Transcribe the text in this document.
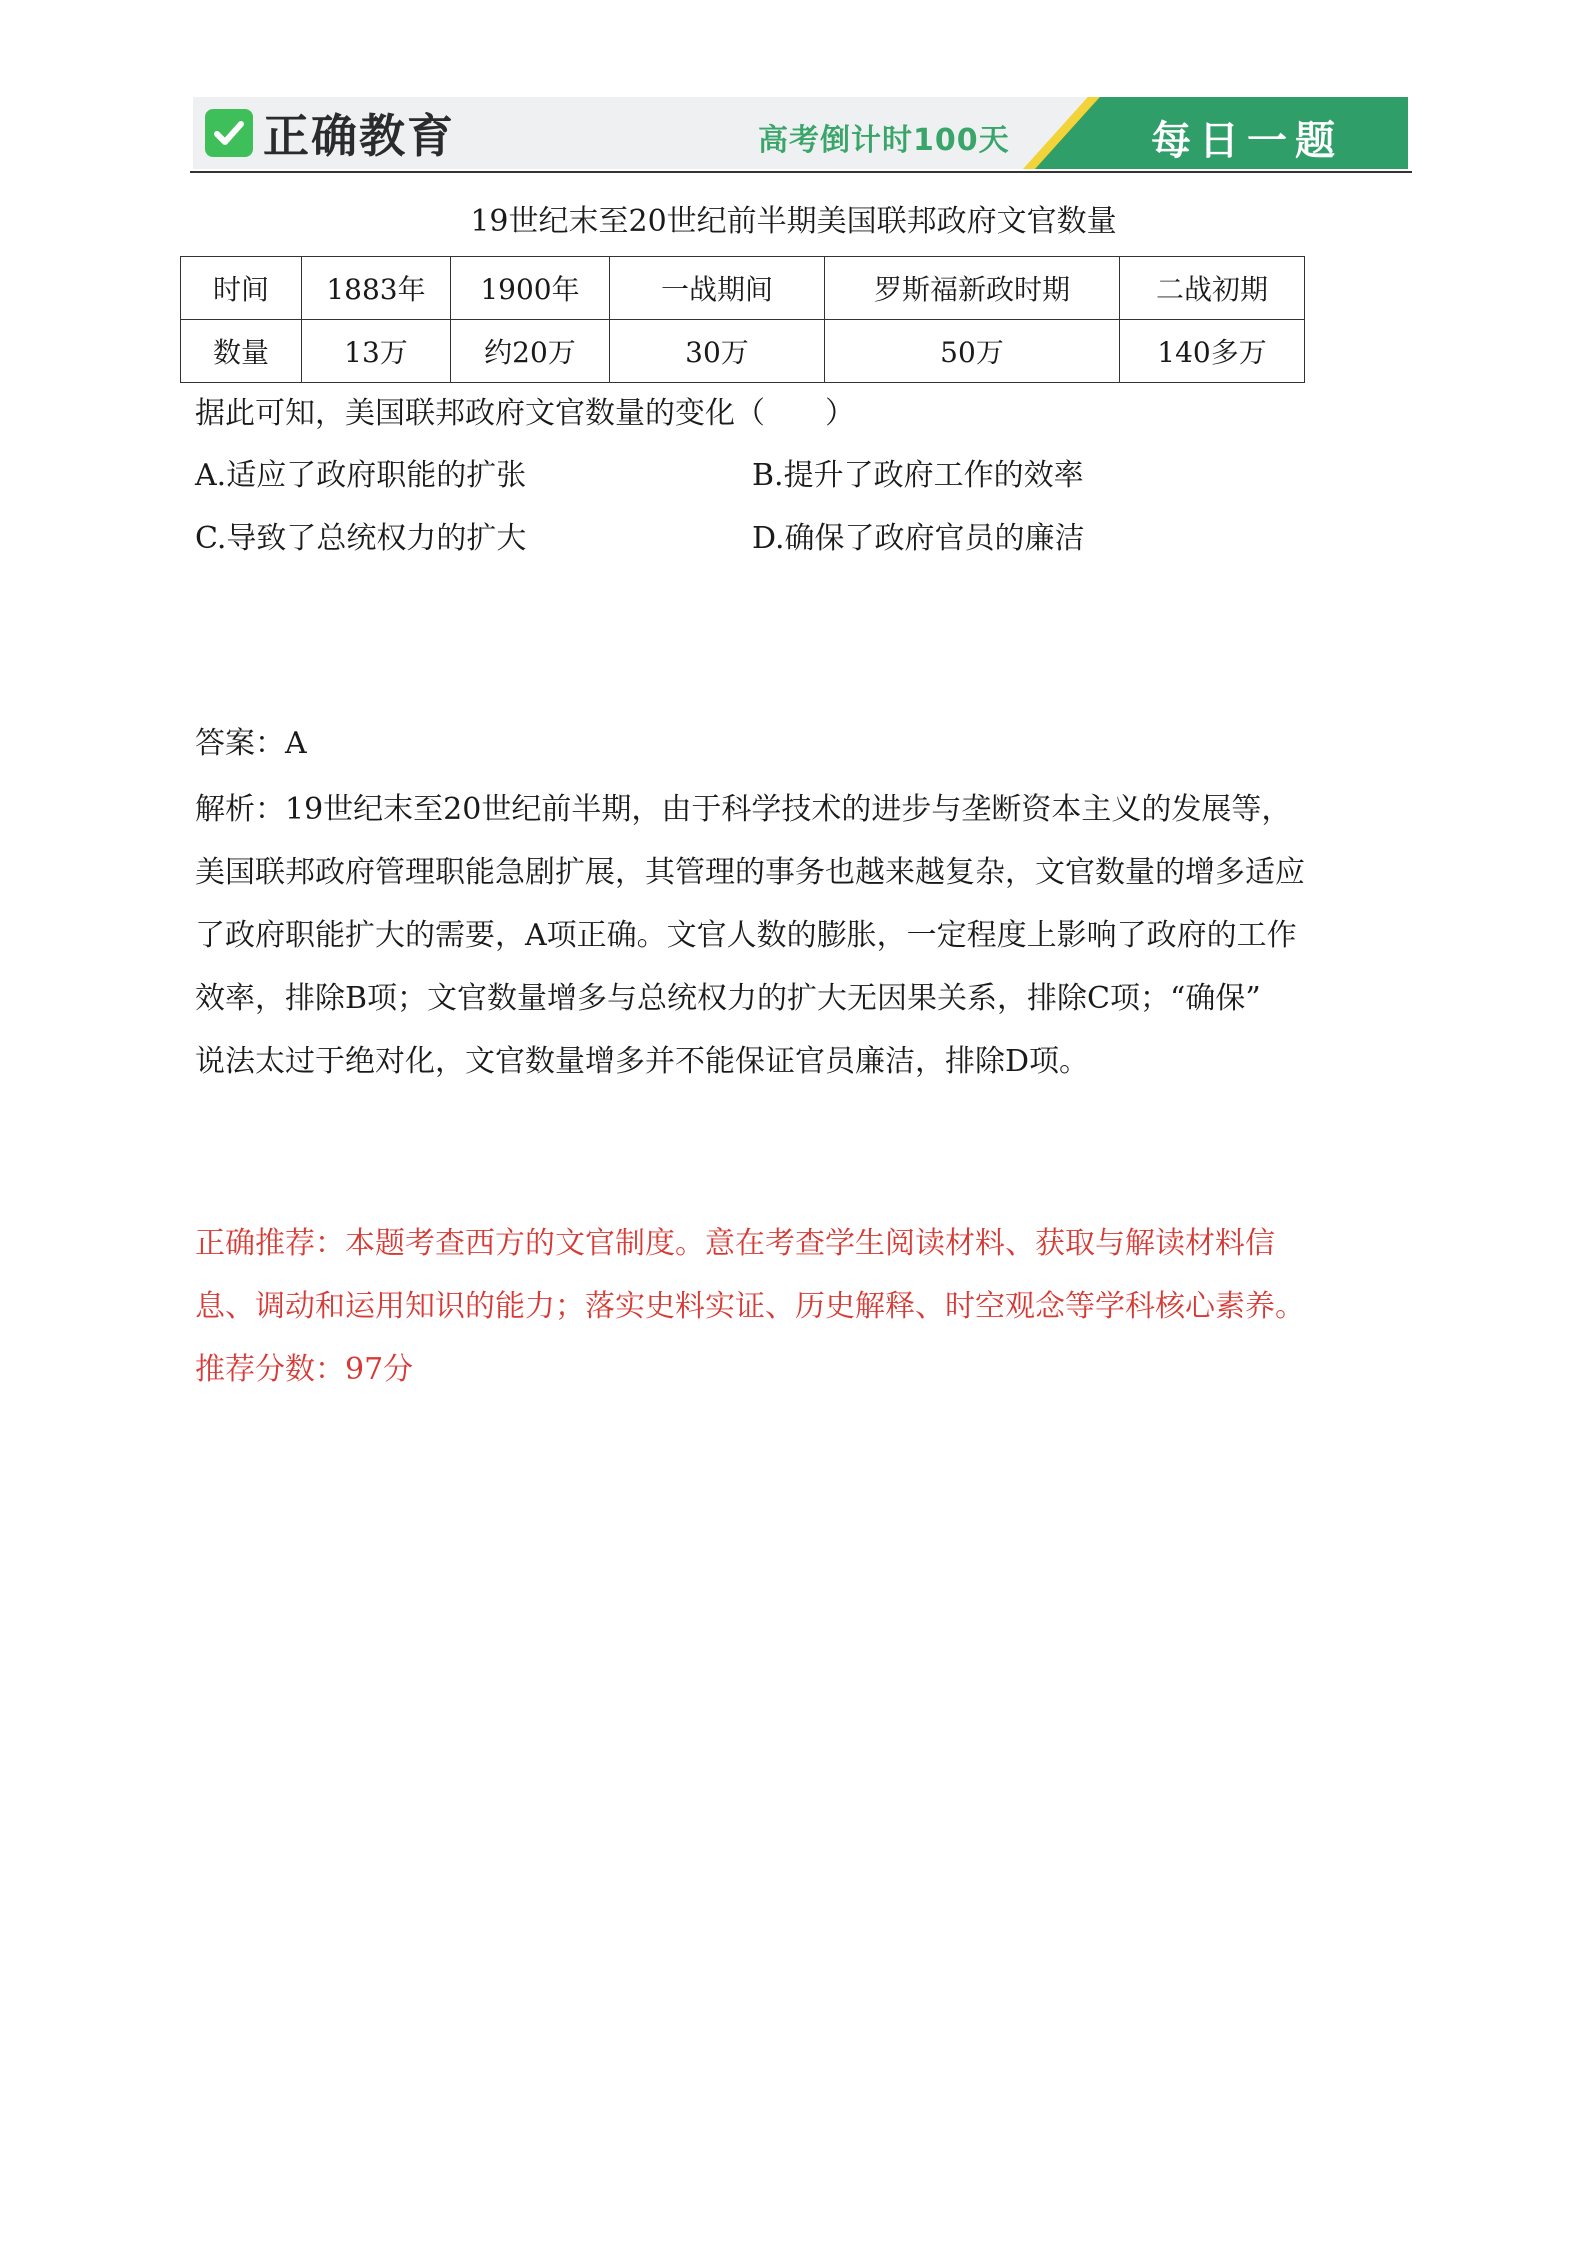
正确教育	高考倒计时100天	每日一题
19世纪末至20世纪前半期美国联邦政府文官数量
时间	1883年	1900年	一战期间	罗斯福新政时期	二战初期
数量	13万	约20万	30万	50万	140多万
据此可知，美国联邦政府文官数量的变化（　　）
A.适应了政府职能的扩张	B.提升了政府工作的效率
C.导致了总统权力的扩大	D.确保了政府官员的廉洁
答案：A
解析：19世纪末至20世纪前半期，由于科学技术的进步与垄断资本主义的发展等，
美国联邦政府管理职能急剧扩展，其管理的事务也越来越复杂，文官数量的增多适应
了政府职能扩大的需要，A项正确。文官人数的膨胀，一定程度上影响了政府的工作
效率，排除B项；文官数量增多与总统权力的扩大无因果关系，排除C项；“确保”
说法太过于绝对化，文官数量增多并不能保证官员廉洁，排除D项。
正确推荐：本题考查西方的文官制度。意在考查学生阅读材料、获取与解读材料信
息、调动和运用知识的能力；落实史料实证、历史解释、时空观念等学科核心素养。
推荐分数：97分
